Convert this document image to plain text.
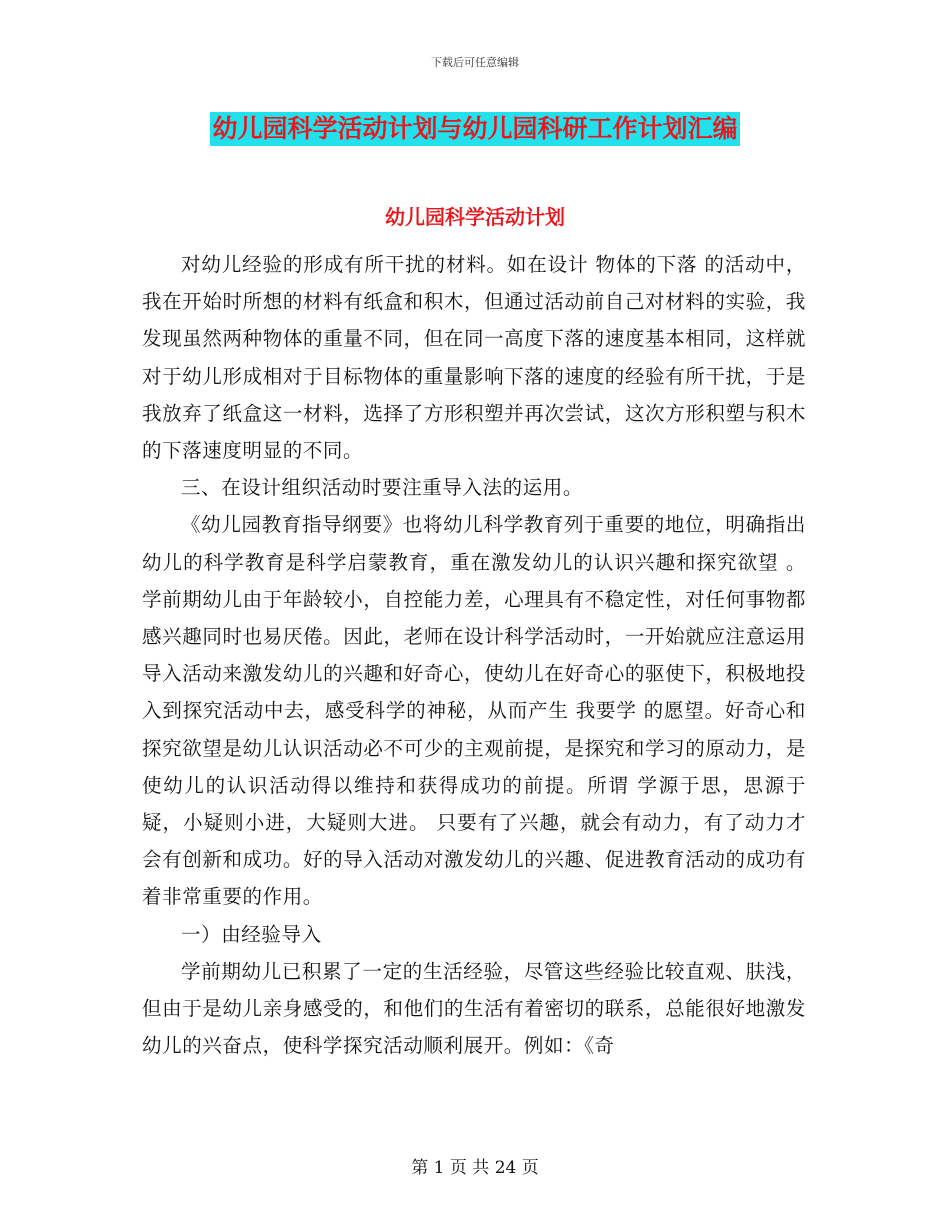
下载后可任意编辑
幼儿园科学活动计划与幼儿园科研工作计划汇编
幼儿园科学活动计划

对幼儿经验的形成有所干扰的材料。如在设计 物体的下落 的活动中，我在开始时所想的材料有纸盒和积木，但通过活动前自己对材料的实验，我发现虽然两种物体的重量不同，但在同一高度下落的速度基本相同，这样就对于幼儿形成相对于目标物体的重量影响下落的速度的经验有所干扰，于是我放弃了纸盒这一材料，选择了方形积塑并再次尝试，这次方形积塑与积木的下落速度明显的不同。

三、在设计组织活动时要注重导入法的运用。

《幼儿园教育指导纲要》也将幼儿科学教育列于重要的地位，明确指出 幼儿的科学教育是科学启蒙教育，重在激发幼儿的认识兴趣和探究欲望 。学前期幼儿由于年龄较小，自控能力差，心理具有不稳定性，对任何事物都感兴趣同时也易厌倦。因此，老师在设计科学活动时，一开始就应注意运用导入活动来激发幼儿的兴趣和好奇心，使幼儿在好奇心的驱使下，积极地投入到探究活动中去，感受科学的神秘，从而产生 我要学 的愿望。好奇心和探究欲望是幼儿认识活动必不可少的主观前提，是探究和学习的原动力，是使幼儿的认识活动得以维持和获得成功的前提。所谓 学源于思，思源于疑，小疑则小进，大疑则大进。 只要有了兴趣，就会有动力，有了动力才会有创新和成功。好的导入活动对激发幼儿的兴趣、促进教育活动的成功有着非常重要的作用。

一）由经验导入

学前期幼儿已积累了一定的生活经验，尽管这些经验比较直观、肤浅，但由于是幼儿亲身感受的，和他们的生活有着密切的联系，总能很好地激发幼儿的兴奋点，使科学探究活动顺利展开。例如：《奇

第 1 页 共 24 页
